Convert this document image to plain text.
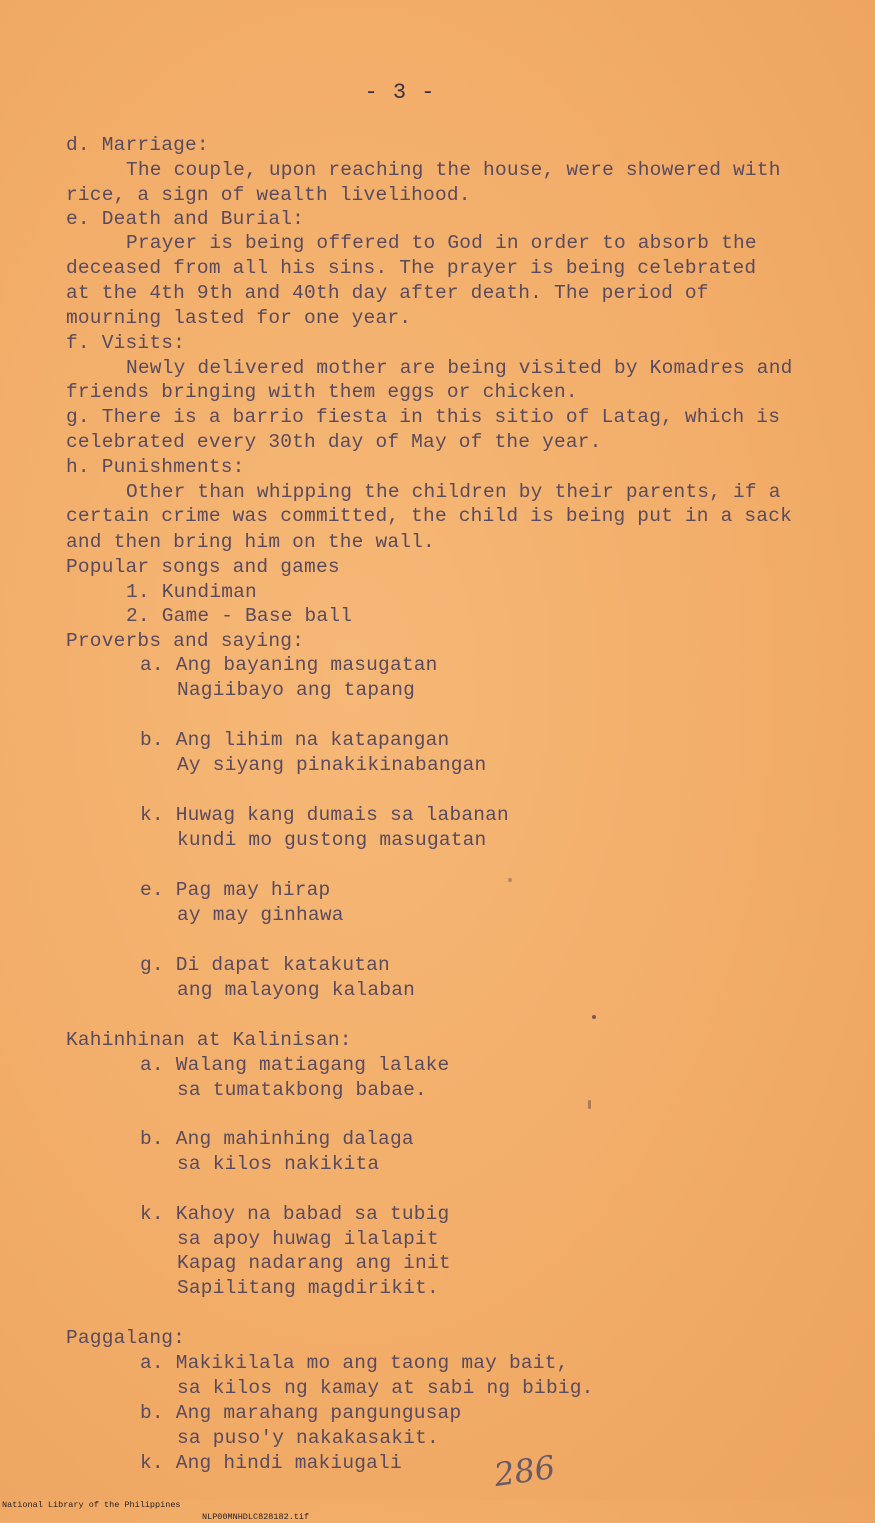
- 3 -
d. Marriage:
The couple, upon reaching the house, were showered with
rice, a sign of wealth livelihood.
e. Death and Burial:
Prayer is being offered to God in order to absorb the
deceased from all his sins. The prayer is being celebrated
at the 4th 9th and 40th day after death. The period of
mourning lasted for one year.
f. Visits:
Newly delivered mother are being visited by Komadres and
friends bringing with them eggs or chicken.
g. There is a barrio fiesta in this sitio of Latag, which is
celebrated every 30th day of May of the year.
h. Punishments:
Other than whipping the children by their parents, if a
certain crime was committed, the child is being put in a sack
and then bring him on the wall.
Popular songs and games
1. Kundiman
2. Game - Base ball
Proverbs and saying:
a. Ang bayaning masugatan
Nagiibayo ang tapang
b. Ang lihim na katapangan
Ay siyang pinakikinabangan
k. Huwag kang dumais sa labanan
kundi mo gustong masugatan
e. Pag may hirap
ay may ginhawa
g. Di dapat katakutan
ang malayong kalaban
Kahinhinan at Kalinisan:
a. Walang matiagang lalake
sa tumatakbong babae.
b. Ang mahinhing dalaga
sa kilos nakikita
k. Kahoy na babad sa tubig
sa apoy huwag ilalapit
Kapag nadarang ang init
Sapilitang magdirikit.
Paggalang:
a. Makikilala mo ang taong may bait,
sa kilos ng kamay at sabi ng bibig.
b. Ang marahang pangungusap
sa puso'y nakakasakit.
k. Ang hindi makiugali	286

National Library of the Philippines

NLP00MNHDLC828182.tif
